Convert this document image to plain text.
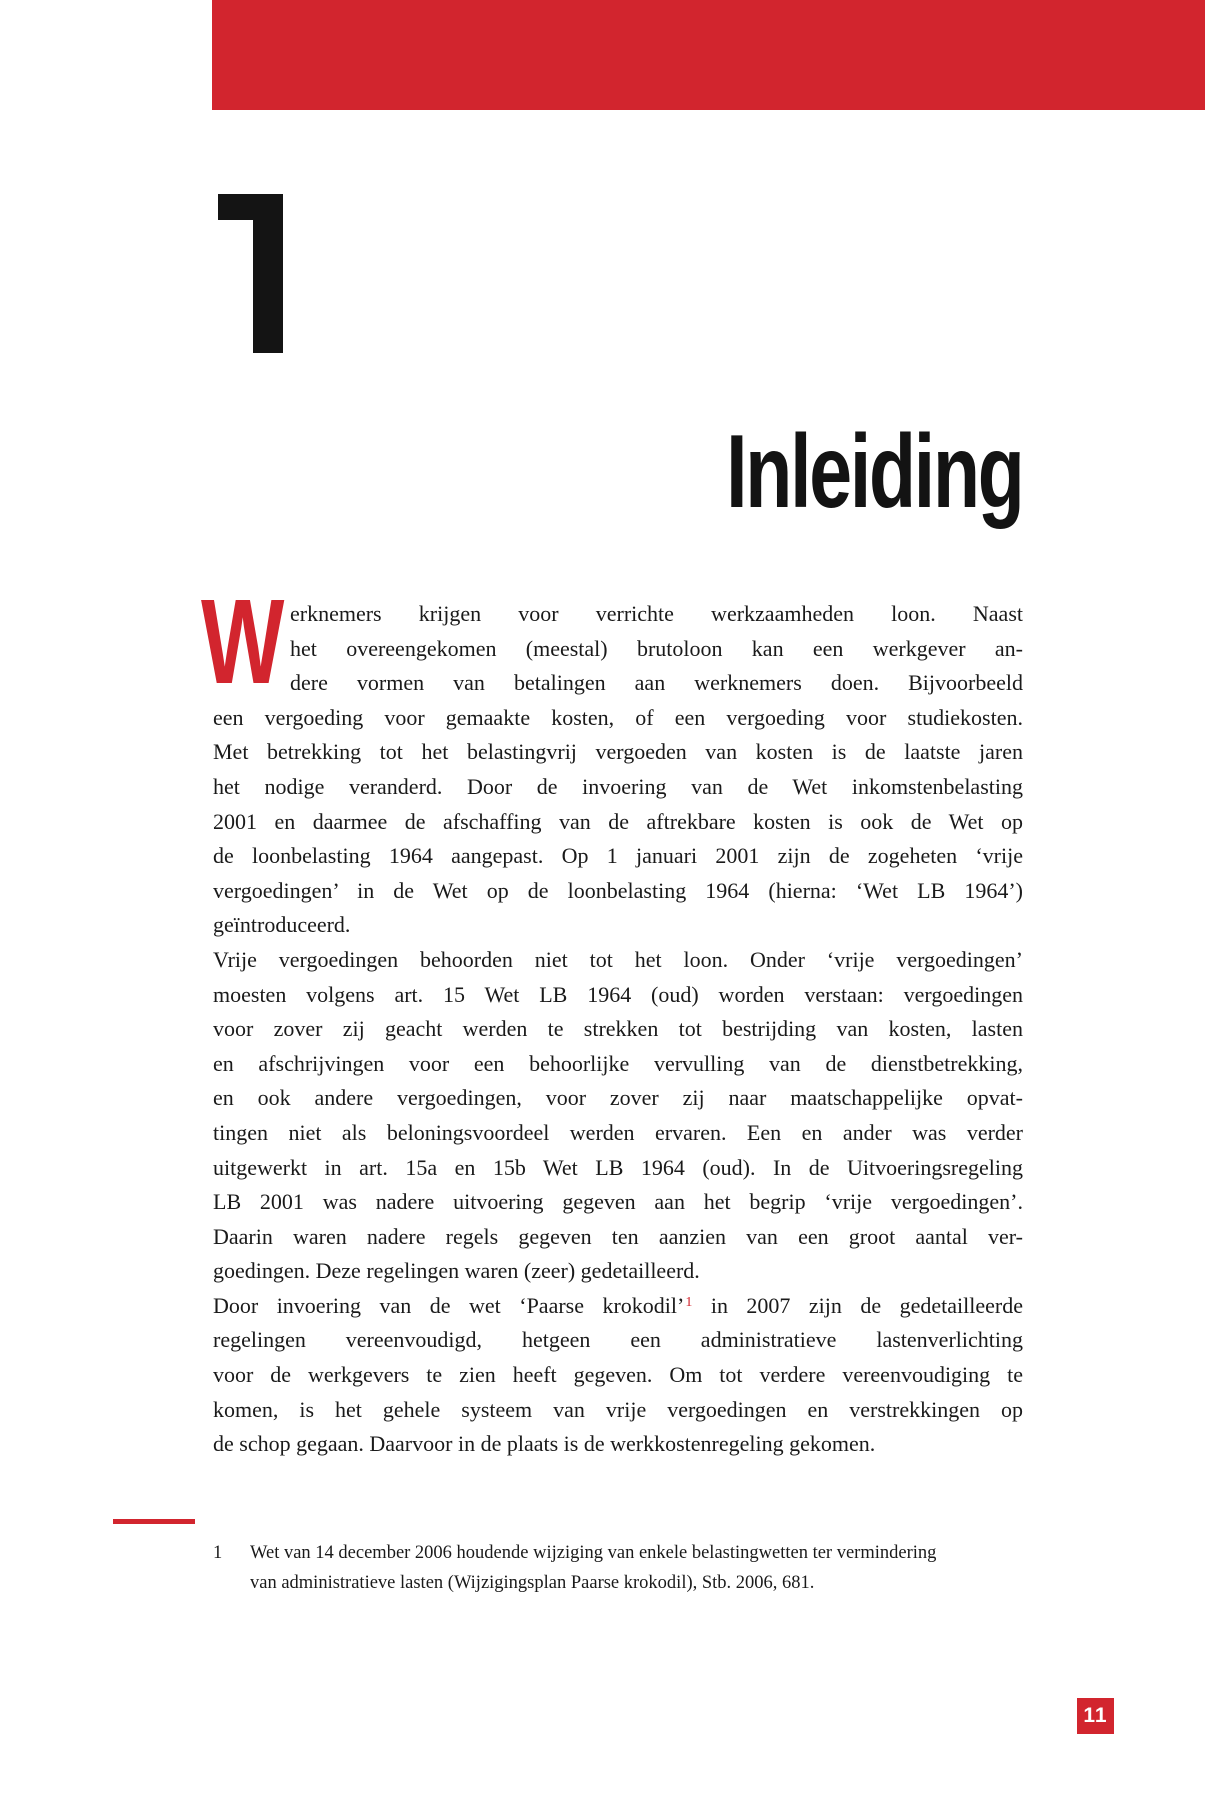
Inleiding
W erknemers krijgen voor verrichte werkzaamheden loon. Naast
het overeengekomen (meestal) brutoloon kan een werkgever an-
dere vormen van betalingen aan werknemers doen. Bijvoorbeeld
een vergoeding voor gemaakte kosten, of een vergoeding voor studiekosten.
Met betrekking tot het belastingvrij vergoeden van kosten is de laatste jaren
het nodige veranderd. Door de invoering van de Wet inkomstenbelasting
2001 en daarmee de afschaffing van de aftrekbare kosten is ook de Wet op
de loonbelasting 1964 aangepast. Op 1 januari 2001 zijn de zogeheten ‘vrije
vergoedingen’ in de Wet op de loonbelasting 1964 (hierna: ‘Wet LB 1964’)
geïntroduceerd.
Vrije vergoedingen behoorden niet tot het loon. Onder ‘vrije vergoedingen’
moesten volgens art. 15 Wet LB 1964 (oud) worden verstaan: vergoedingen
voor zover zij geacht werden te strekken tot bestrijding van kosten, lasten
en afschrijvingen voor een behoorlijke vervulling van de dienstbetrekking,
en ook andere vergoedingen, voor zover zij naar maatschappelijke opvat-
tingen niet als beloningsvoordeel werden ervaren. Een en ander was verder
uitgewerkt in art. 15a en 15b Wet LB 1964 (oud). In de Uitvoeringsregeling
LB 2001 was nadere uitvoering gegeven aan het begrip ‘vrije vergoedingen’.
Daarin waren nadere regels gegeven ten aanzien van een groot aantal ver-
goedingen. Deze regelingen waren (zeer) gedetailleerd.
Door invoering van de wet ‘Paarse krokodil’$^1$ in 2007 zijn de gedetailleerde
regelingen vereenvoudigd, hetgeen een administratieve lastenverlichting
voor de werkgevers te zien heeft gegeven. Om tot verdere vereenvoudiging te
komen, is het gehele systeem van vrije vergoedingen en verstrekkingen op
de schop gegaan. Daarvoor in de plaats is de werkkostenregeling gekomen.
1 Wet van 14 december 2006 houdende wijziging van enkele belastingwetten ter vermindering
van administratieve lasten (Wijzigingsplan Paarse krokodil), Stb. 2006, 681.
11
